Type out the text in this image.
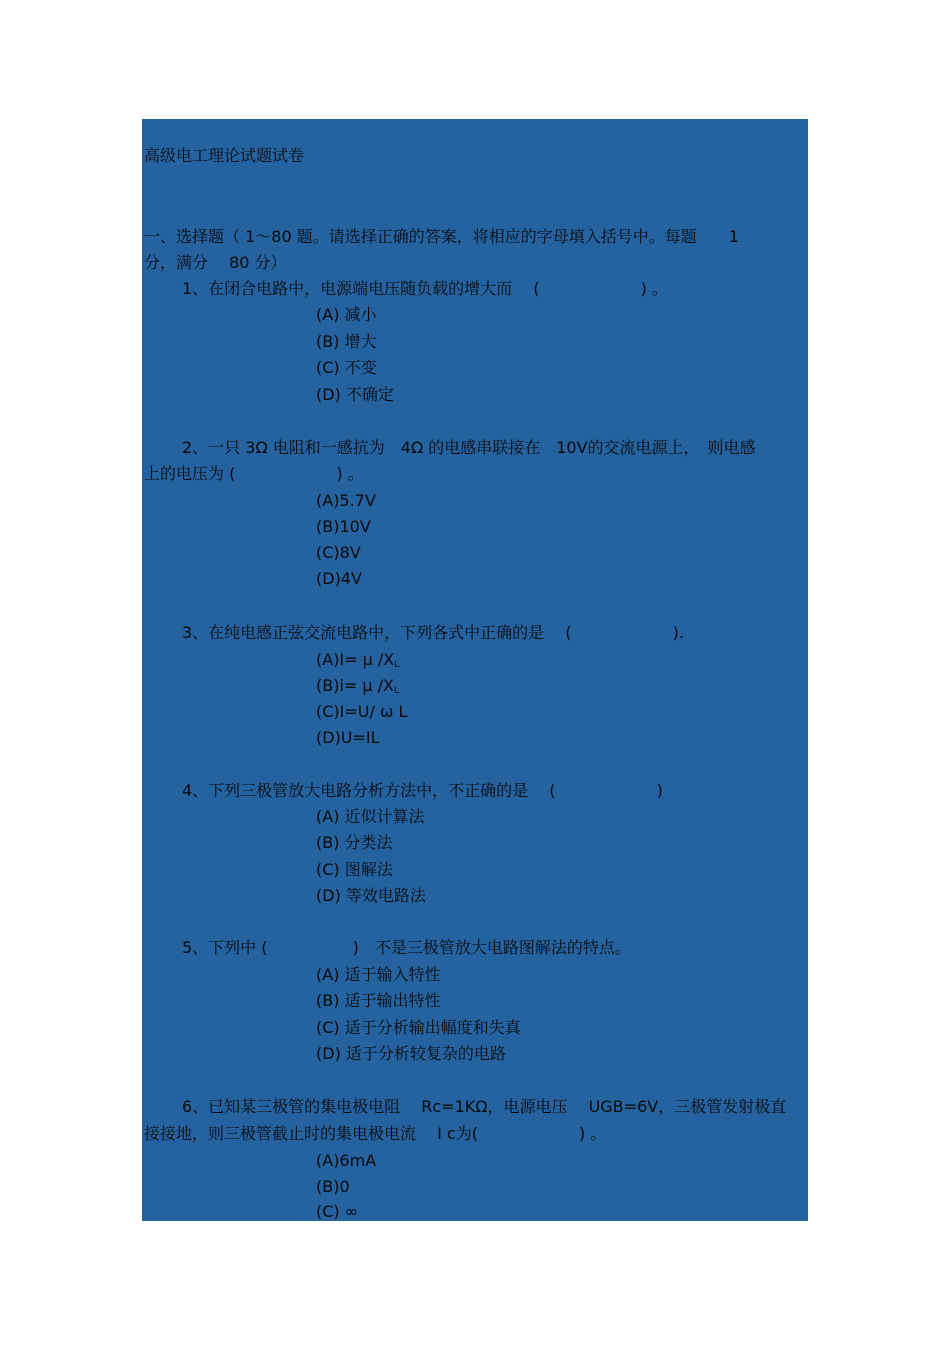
高级电工理论试题试卷
一、选择题（ 1～80 题。请选择正确的答案，将相应的字母填入括号中。每题　　1
分，满分　 80 分）
1、在闭合电路中，电源端电压随负载的增大而　 (　　　　　　 ) 。
(A) 减小
(B) 增大
(C) 不变
(D) 不确定
2、一只 3Ω 电阻和一感抗为　4Ω 的电感串联接在　10V的交流电源上，　则电感
上的电压为 (　　　　　　 ) 。
(A)5.7V
(B)10V
(C)8V
(D)4V
3、在纯电感正弦交流电路中，下列各式中正确的是　 (　　　　　　 ).
(A)I= μ $/X_L$
(B)i= μ $/X_L$
(C)I=U/ ω L
(D)U=IL
4、下列三极管放大电路分析方法中，不正确的是　 (　　　　　　 )
(A) 近似计算法
(B) 分类法
(C) 图解法
(D) 等效电路法
5、下列中 (　　　　　 )　不是三极管放大电路图解法的特点。
(A) 适于输入特性
(B) 适于输出特性
(C) 适于分析输出幅度和失真
(D) 适于分析较复杂的电路
6、已知某三极管的集电极电阻　 Rc=1KΩ，电源电压　 UGB=6V，三极管发射极直
接接地，则三极管截止时的集电极电流　 I c为(　　　　　　 ) 。
(A)6mA
(B)0
(C) ∞
